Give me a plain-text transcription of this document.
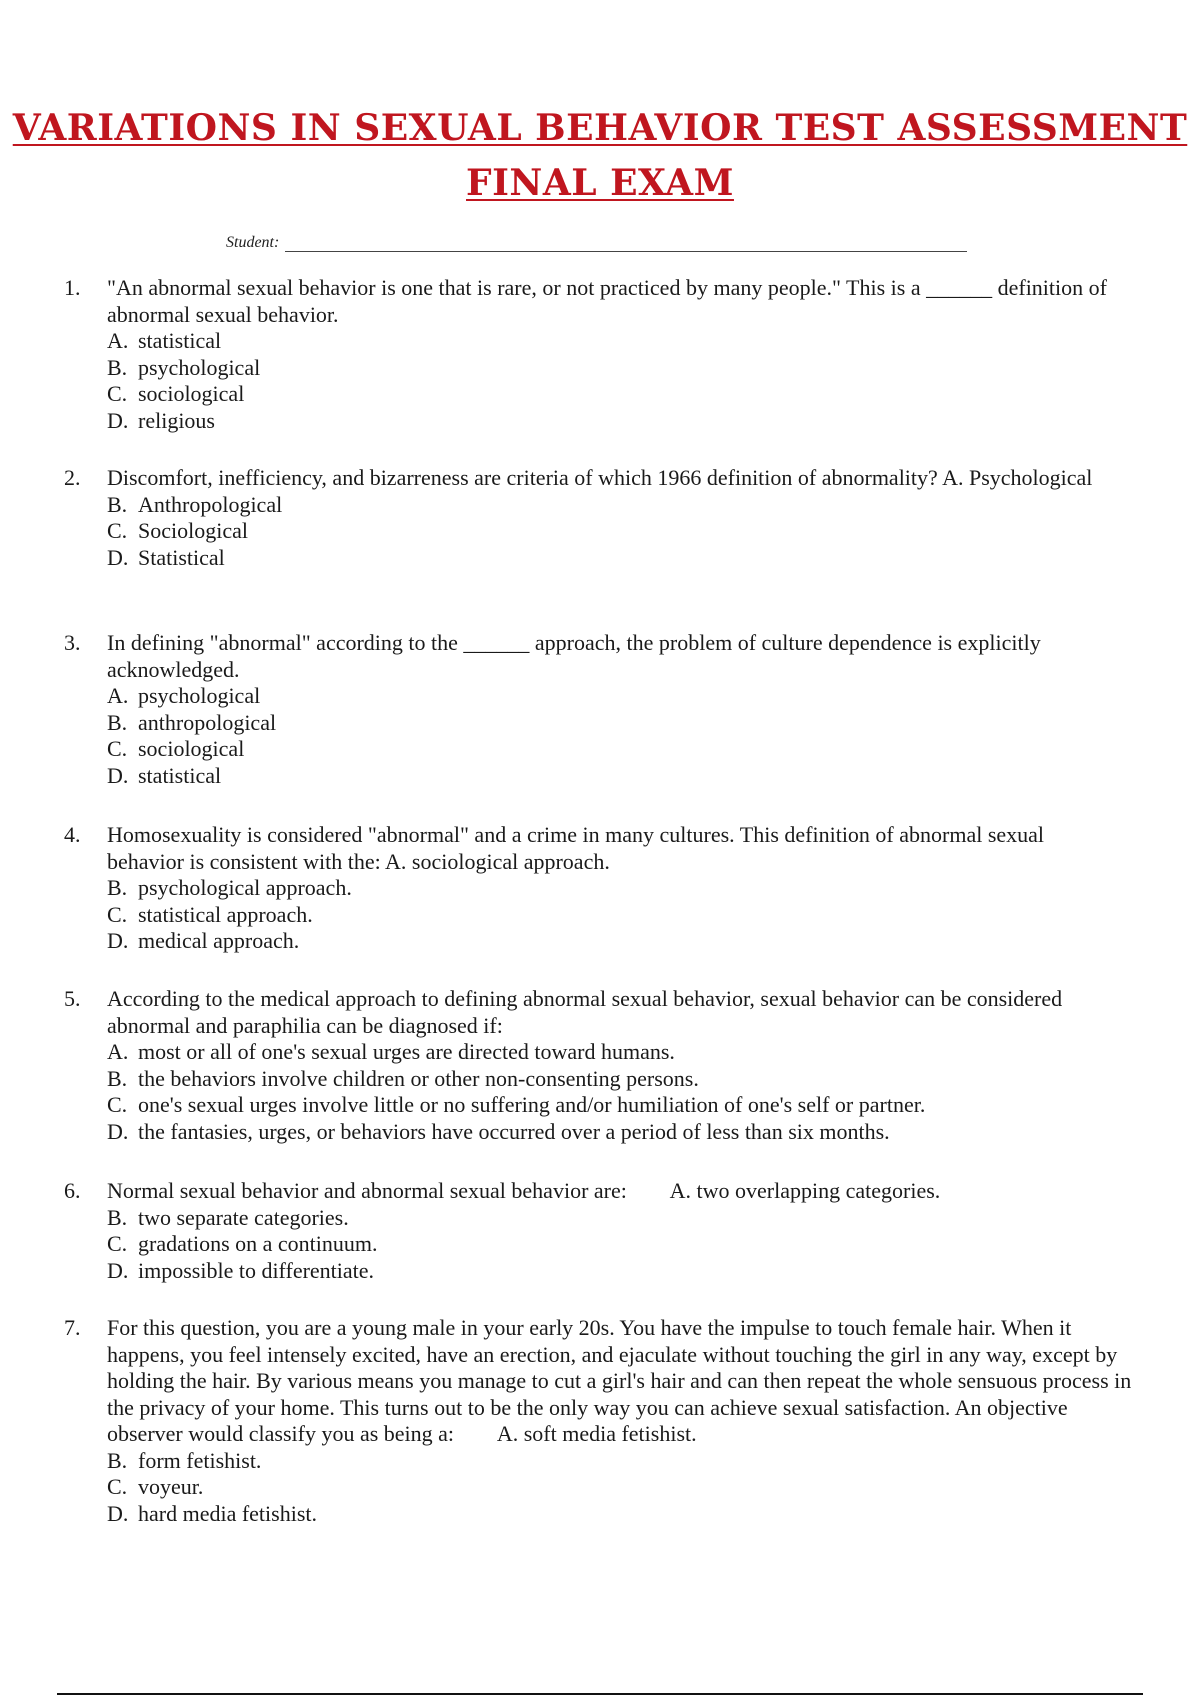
VARIATIONS IN SEXUAL BEHAVIOR TEST ASSESSMENT
FINAL EXAM
Student:
1.	"An abnormal sexual behavior is one that is rare, or not practiced by many people." This is a ______ definition of abnormal sexual behavior.
A. statistical
B. psychological
C. sociological
D. religious
2.	Discomfort, inefficiency, and bizarreness are criteria of which 1966 definition of abnormality? A. Psychological
B. Anthropological
C. Sociological
D. Statistical
3.	In defining "abnormal" according to the ______ approach, the problem of culture dependence is explicitly acknowledged.
A. psychological
B. anthropological
C. sociological
D. statistical
4.	Homosexuality is considered "abnormal" and a crime in many cultures. This definition of abnormal sexual behavior is consistent with the: A. sociological approach.
B. psychological approach.
C. statistical approach.
D. medical approach.
5.	According to the medical approach to defining abnormal sexual behavior, sexual behavior can be considered abnormal and paraphilia can be diagnosed if:
A. most or all of one's sexual urges are directed toward humans.
B. the behaviors involve children or other non-consenting persons.
C. one's sexual urges involve little or no suffering and/or humiliation of one's self or partner.
D. the fantasies, urges, or behaviors have occurred over a period of less than six months.
6.	Normal sexual behavior and abnormal sexual behavior are:        A. two overlapping categories.
B. two separate categories.
C. gradations on a continuum.
D. impossible to differentiate.
7.	For this question, you are a young male in your early 20s. You have the impulse to touch female hair. When it happens, you feel intensely excited, have an erection, and ejaculate without touching the girl in any way, except by holding the hair. By various means you manage to cut a girl's hair and can then repeat the whole sensuous process in the privacy of your home. This turns out to be the only way you can achieve sexual satisfaction. An objective observer would classify you as being a:        A. soft media fetishist.
B. form fetishist.
C. voyeur.
D. hard media fetishist.
